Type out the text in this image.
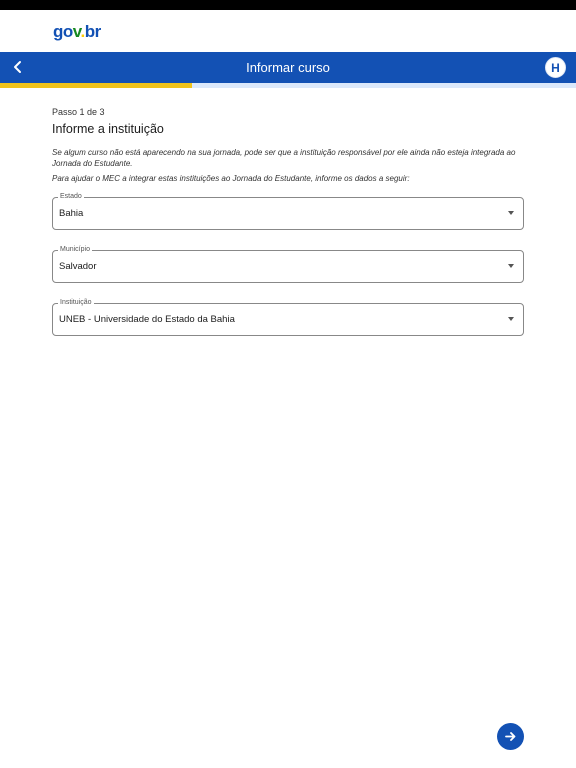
gov.br
Informar curso	H
Passo 1 de 3
Informe a instituição

Se algum curso não está aparecendo na sua jornada, pode ser que a instituição responsável por ele ainda não esteja integrada ao Jornada do Estudante.

Para ajudar o MEC a integrar estas instituições ao Jornada do Estudante, informe os dados a seguir:

Estado
Bahia
Município
Salvador
Instituição
UNEB - Universidade do Estado da Bahia
